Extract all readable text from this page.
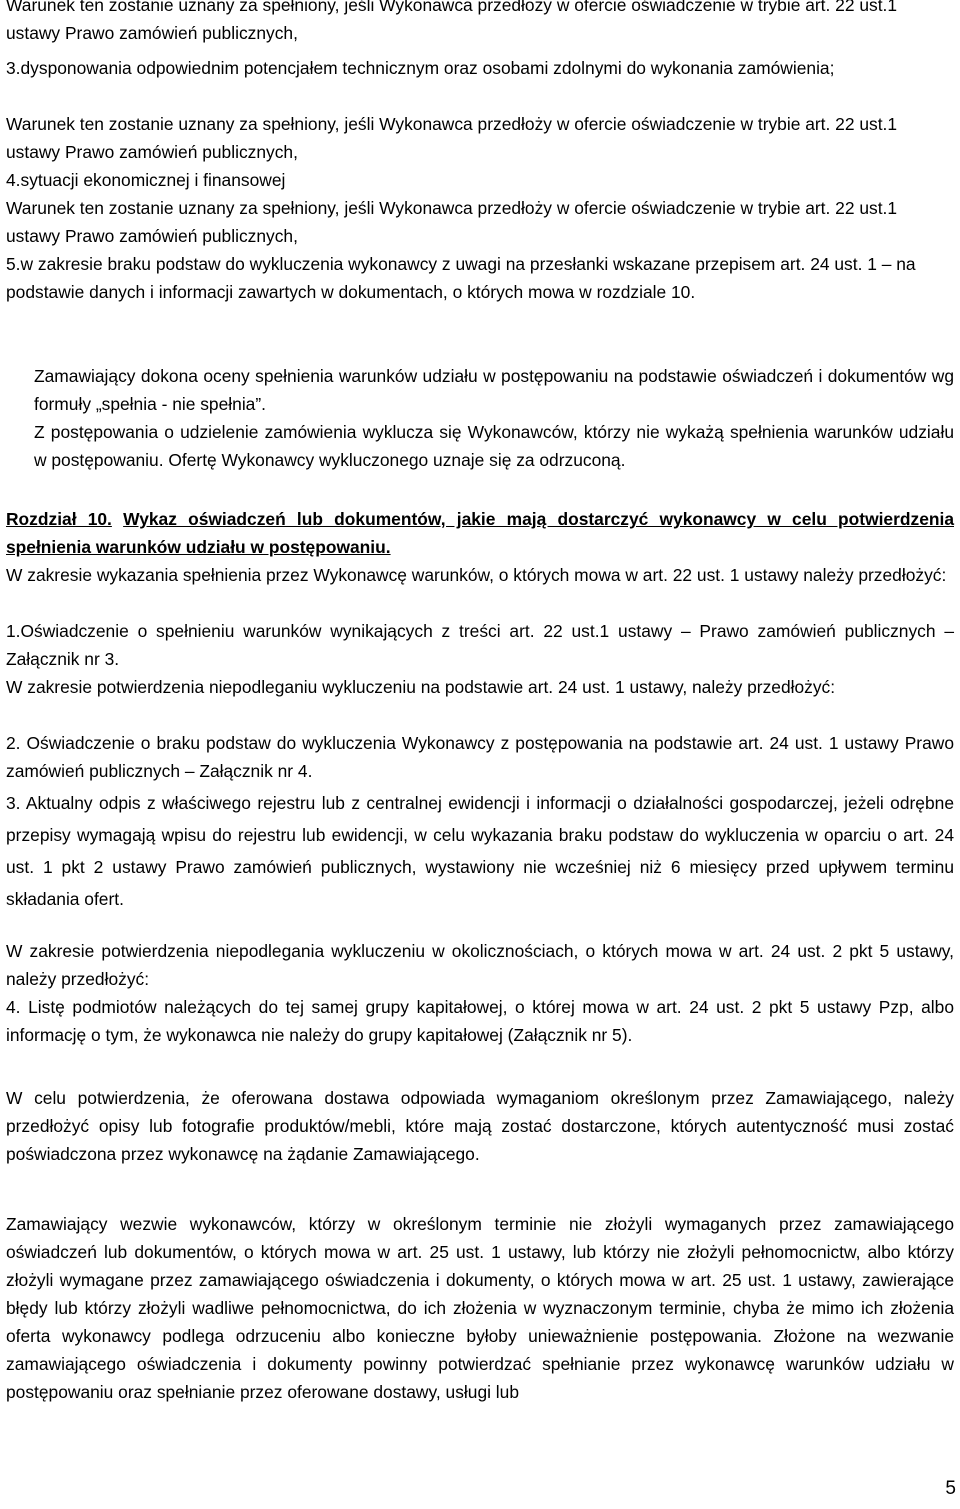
Warunek ten zostanie uznany za spełniony, jeśli Wykonawca przedłoży w ofercie oświadczenie w trybie art. 22 ust.1 ustawy Prawo zamówień publicznych,

3.dysponowania odpowiednim potencjałem technicznym oraz osobami zdolnymi do wykonania zamówienia;

Warunek ten zostanie uznany za spełniony, jeśli Wykonawca przedłoży w ofercie oświadczenie w trybie art. 22 ust.1 ustawy Prawo zamówień publicznych,

4.sytuacji ekonomicznej i finansowej

Warunek ten zostanie uznany za spełniony, jeśli Wykonawca przedłoży w ofercie oświadczenie w trybie art. 22 ust.1 ustawy Prawo zamówień publicznych,

5.w zakresie braku podstaw do wykluczenia wykonawcy z uwagi na przesłanki wskazane przepisem art. 24 ust. 1 – na podstawie danych i informacji zawartych w dokumentach, o których mowa w rozdziale 10.

Zamawiający dokona oceny spełnienia warunków udziału w postępowaniu na podstawie oświadczeń i dokumentów wg formuły „spełnia - nie spełnia”.

Z postępowania o udzielenie zamówienia wyklucza się Wykonawców, którzy nie wykażą spełnienia warunków udziału w postępowaniu. Ofertę Wykonawcy wykluczonego uznaje się za odrzuconą.

Rozdział 10. Wykaz oświadczeń lub dokumentów, jakie mają dostarczyć wykonawcy w celu potwierdzenia spełnienia warunków udziału w postępowaniu.

W zakresie wykazania spełnienia przez Wykonawcę warunków, o których mowa w art. 22 ust. 1 ustawy należy przedłożyć:

1.Oświadczenie o spełnieniu warunków wynikających z treści art. 22 ust.1 ustawy – Prawo zamówień publicznych – Załącznik nr 3.

W zakresie potwierdzenia niepodleganiu wykluczeniu na podstawie art. 24 ust. 1 ustawy, należy przedłożyć:

2. Oświadczenie o braku podstaw do wykluczenia Wykonawcy z postępowania na podstawie art. 24 ust. 1 ustawy Prawo zamówień publicznych – Załącznik nr 4.

3. Aktualny odpis z właściwego rejestru lub z centralnej ewidencji i informacji o działalności gospodarczej, jeżeli odrębne przepisy wymagają wpisu do rejestru lub ewidencji, w celu wykazania braku podstaw do wykluczenia w oparciu o art. 24 ust. 1 pkt 2 ustawy Prawo zamówień publicznych, wystawiony nie wcześniej niż 6 miesięcy przed upływem terminu składania ofert.

W zakresie potwierdzenia niepodlegania wykluczeniu w okolicznościach, o których mowa w art. 24 ust. 2 pkt 5 ustawy, należy przedłożyć:

4. Listę podmiotów należących do tej samej grupy kapitałowej, o której mowa w art. 24 ust. 2 pkt 5 ustawy Pzp, albo informację o tym, że wykonawca nie należy do grupy kapitałowej (Załącznik nr 5).

W celu potwierdzenia, że oferowana dostawa odpowiada wymaganiom określonym przez Zamawiającego, należy przedłożyć opisy lub fotografie produktów/mebli, które mają zostać dostarczone, których autentyczność musi zostać poświadczona przez wykonawcę na żądanie Zamawiającego.

Zamawiający wezwie wykonawców, którzy w określonym terminie nie złożyli wymaganych przez zamawiającego oświadczeń lub dokumentów, o których mowa w art. 25 ust. 1 ustawy, lub którzy nie złożyli pełnomocnictw, albo którzy złożyli wymagane przez zamawiającego oświadczenia i dokumenty, o których mowa w art. 25 ust. 1 ustawy, zawierające błędy lub którzy złożyli wadliwe pełnomocnictwa, do ich złożenia w wyznaczonym terminie, chyba że mimo ich złożenia oferta wykonawcy podlega odrzuceniu albo konieczne byłoby unieważnienie postępowania. Złożone na wezwanie zamawiającego oświadczenia i dokumenty powinny potwierdzać spełnianie przez wykonawcę warunków udziału w postępowaniu oraz spełnianie przez oferowane dostawy, usługi lub

5
